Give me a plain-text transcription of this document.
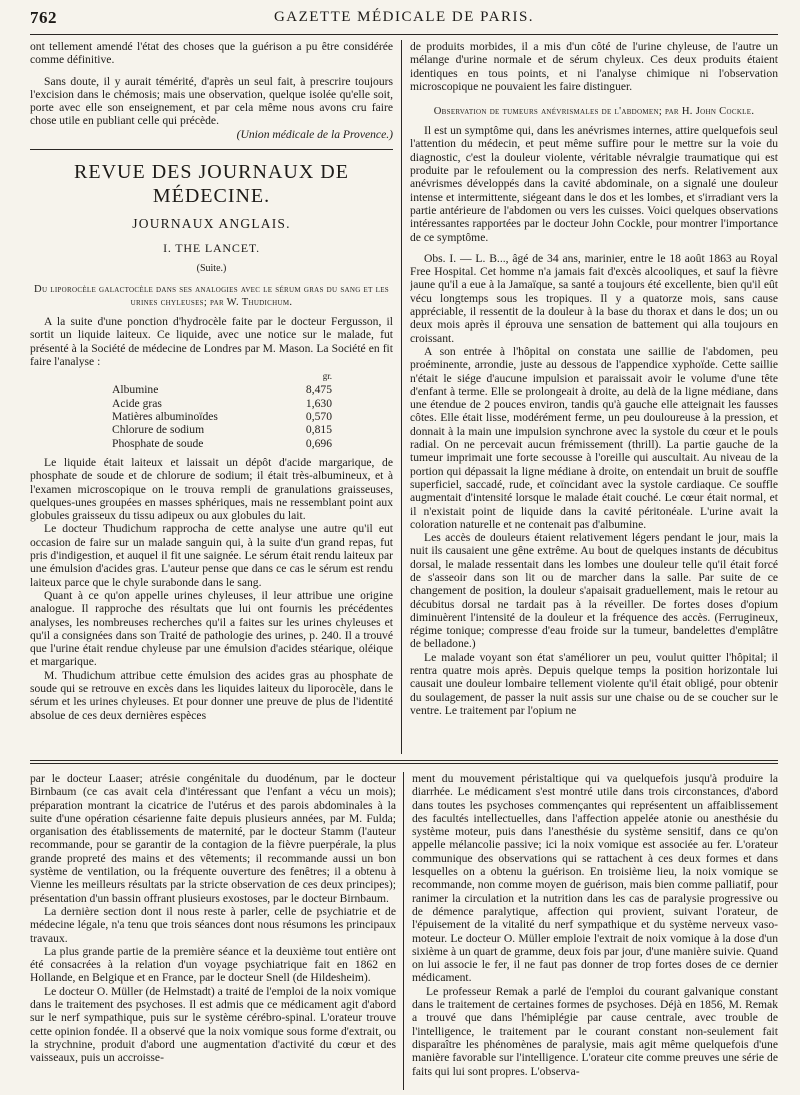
762	GAZETTE MÉDICALE DE PARIS.

ont tellement amendé l'état des choses que la guérison a pu être considérée comme définitive.

Sans doute, il y aurait témérité, d'après un seul fait, à prescrire toujours l'excision dans le chémosis; mais une observation, quelque isolée qu'elle soit, porte avec elle son enseignement, et par cela même nous avons cru faire chose utile en publiant celle qui précède.

(Union médicale de la Provence.)
REVUE DES JOURNAUX DE MÉDECINE.
JOURNAUX ANGLAIS.
I. THE LANCET.
(Suite.)
Du liporocèle galactocèle dans ses analogies avec le sérum gras du sang et les urines chyleuses; par W. Thudichum.

A la suite d'une ponction d'hydrocèle faite par le docteur Fergusson, il sortit un liquide laiteux. Ce liquide, avec une notice sur le malade, fut présenté à la Société de médecine de Londres par M. Mason. La Société en fit faire l'analyse :

	gr.
Albumine	8,475
Acide gras	1,630
Matières albuminoïdes	0,570
Chlorure de sodium	0,815
Phosphate de soude	0,696

Le liquide était laiteux et laissait un dépôt d'acide margarique, de phosphate de soude et de chlorure de sodium; il était très-albumineux, et à l'examen microscopique on le trouva rempli de granulations graisseuses, quelques-unes groupées en masses sphériques, mais ne ressemblant point aux globules graisseux du tissu adipeux ou aux globules du lait.

Le docteur Thudichum rapprocha de cette analyse une autre qu'il eut occasion de faire sur un malade sanguin qui, à la suite d'un grand repas, fut pris d'indigestion, et auquel il fit une saignée. Le sérum était rendu laiteux par une émulsion d'acides gras. L'auteur pense que dans ce cas le sérum est rendu laiteux parce que le chyle surabonde dans le sang.

Quant à ce qu'on appelle urines chyleuses, il leur attribue une origine analogue. Il rapproche des résultats que lui ont fournis les précédentes analyses, les nombreuses recherches qu'il a faites sur les urines chyleuses et qu'il a consignées dans son Traité de pathologie des urines, p. 240. Il a trouvé que l'urine était rendue chyleuse par une émulsion d'acides stéarique, oléique et margarique.

M. Thudichum attribue cette émulsion des acides gras au phosphate de soude qui se retrouve en excès dans les liquides laiteux du liporocèle, dans le sérum et les urines chyleuses. Et pour donner une preuve de plus de l'identité absolue de ces deux dernières espèces

de produits morbides, il a mis d'un côté de l'urine chyleuse, de l'autre un mélange d'urine normale et de sérum chyleux. Ces deux produits étaient identiques en tous points, et ni l'analyse chimique ni l'observation microscopique ne pouvaient les faire distinguer.

Observation de tumeurs anévrismales de l'abdomen; par H. John Cockle.

Il est un symptôme qui, dans les anévrismes internes, attire quelquefois seul l'attention du médecin, et peut même suffire pour le mettre sur la voie du diagnostic, c'est la douleur violente, véritable névralgie traumatique qui est produite par le refoulement ou la compression des nerfs. Relativement aux anévrismes développés dans la cavité abdominale, on a signalé une douleur intense et intermittente, siégeant dans le dos et les lombes, et s'irradiant vers la partie antérieure de l'abdomen ou vers les cuisses. Voici quelques observations intéressantes rapportées par le docteur John Cockle, pour montrer l'importance de ce symptôme.

Obs. I. — L. B..., âgé de 34 ans, marinier, entre le 18 août 1863 au Royal Free Hospital. Cet homme n'a jamais fait d'excès alcooliques, et sauf la fièvre jaune qu'il a eue à la Jamaïque, sa santé a toujours été excellente, bien qu'il eût vécu longtemps sous les tropiques. Il y a quatorze mois, sans cause appréciable, il ressentit de la douleur à la base du thorax et dans le dos; un ou deux mois après il éprouva une sensation de battement qui alla toujours en croissant.

A son entrée à l'hôpital on constata une saillie de l'abdomen, peu proéminente, arrondie, juste au dessous de l'appendice xyphoïde. Cette saillie n'était le siége d'aucune impulsion et paraissait avoir le volume d'une tête d'enfant à terme. Elle se prolongeait à droite, au delà de la ligne médiane, dans une étendue de 2 pouces environ, tandis qu'à gauche elle atteignait les fausses côtes. Elle était lisse, modérément ferme, un peu douloureuse à la pression, et donnait à la main une impulsion synchrone avec la systole du cœur et le pouls radial. On ne percevait aucun frémissement (thrill). La partie gauche de la tumeur imprimait une forte secousse à l'oreille qui auscultait. Au niveau de la portion qui dépassait la ligne médiane à droite, on entendait un bruit de souffle superficiel, saccadé, rude, et coïncidant avec la systole cardiaque. Ce souffle augmentait d'intensité lorsque le malade était couché. Le cœur était normal, et il n'existait point de liquide dans la cavité péritonéale. L'urine avait la coloration naturelle et ne contenait pas d'albumine.

Les accès de douleurs étaient relativement légers pendant le jour, mais la nuit ils causaient une gêne extrême. Au bout de quelques instants de décubitus dorsal, le malade ressentait dans les lombes une douleur telle qu'il était forcé de s'asseoir dans son lit ou de marcher dans la salle. Par suite de ce changement de position, la douleur s'apaisait graduellement, mais le retour au décubitus dorsal ne tardait pas à la réveiller. De fortes doses d'opium diminuèrent l'intensité de la douleur et la fréquence des accès. (Ferrugineux, régime tonique; compresse d'eau froide sur la tumeur, bandelettes d'emplâtre de belladone.)

Le malade voyant son état s'améliorer un peu, voulut quitter l'hôpital; il rentra quatre mois après. Depuis quelque temps la position horizontale lui causait une douleur lombaire tellement violente qu'il était obligé, pour obtenir du soulagement, de passer la nuit assis sur une chaise ou de se coucher sur le ventre. Le traitement par l'opium ne

par le docteur Laaser; atrésie congénitale du duodénum, par le docteur Birnbaum (ce cas avait cela d'intéressant que l'enfant a vécu un mois); préparation montrant la cicatrice de l'utérus et des parois abdominales à la suite d'une opération césarienne faite depuis plusieurs années, par M. Fulda; organisation des établissements de maternité, par le docteur Stamm (l'auteur recommande, pour se garantir de la contagion de la fièvre puerpérale, la plus grande propreté des mains et des vêtements; il recommande aussi un bon système de ventilation, ou la fréquente ouverture des fenêtres; il a obtenu à Vienne les meilleurs résultats par la stricte observation de ces deux principes); présentation d'un bassin offrant plusieurs exostoses, par le docteur Birnbaum.

La dernière section dont il nous reste à parler, celle de psychiatrie et de médecine légale, n'a tenu que trois séances dont nous résumons les principaux travaux.

La plus grande partie de la première séance et la deuxième tout entière ont été consacrées à la relation d'un voyage psychiatrique fait en 1862 en Hollande, en Belgique et en France, par le docteur Snell (de Hildesheim).

Le docteur O. Müller (de Helmstadt) a traité de l'emploi de la noix vomique dans le traitement des psychoses. Il est admis que ce médicament agit d'abord sur le nerf sympathique, puis sur le système cérébro-spinal. L'orateur trouve cette opinion fondée. Il a observé que la noix vomique sous forme d'extrait, ou la strychnine, produit d'abord une augmentation d'activité du cœur et des vaisseaux, puis un accroisse-

ment du mouvement péristaltique qui va quelquefois jusqu'à produire la diarrhée. Le médicament s'est montré utile dans trois circonstances, d'abord dans toutes les psychoses commençantes qui représentent un affaiblissement des facultés intellectuelles, dans l'affection appelée atonie ou anesthésie du système moteur, puis dans l'anesthésie du système sensitif, dans ce qu'on appelle mélancolie passive; ici la noix vomique est associée au fer. L'orateur communique des observations qui se rattachent à ces deux formes et dans lesquelles on a obtenu la guérison. En troisième lieu, la noix vomique se recommande, non comme moyen de guérison, mais bien comme palliatif, pour ranimer la circulation et la nutrition dans les cas de paralysie progressive ou de démence paralytique, affection qui provient, suivant l'orateur, de l'épuisement de la vitalité du nerf sympathique et du système nerveux vaso-moteur. Le docteur O. Müller emploie l'extrait de noix vomique à la dose d'un sixième à un quart de gramme, deux fois par jour, d'une manière suivie. Quand on lui associe le fer, il ne faut pas donner de trop fortes doses de ce dernier médicament.

Le professeur Remak a parlé de l'emploi du courant galvanique constant dans le traitement de certaines formes de psychoses. Déjà en 1856, M. Remak a trouvé que dans l'hémiplégie par cause centrale, avec trouble de l'intelligence, le traitement par le courant constant non-seulement fait disparaître les phénomènes de paralysie, mais agit même quelquefois d'une manière favorable sur l'intelligence. L'orateur cite comme preuves une série de faits qui lui sont propres. L'observa-
